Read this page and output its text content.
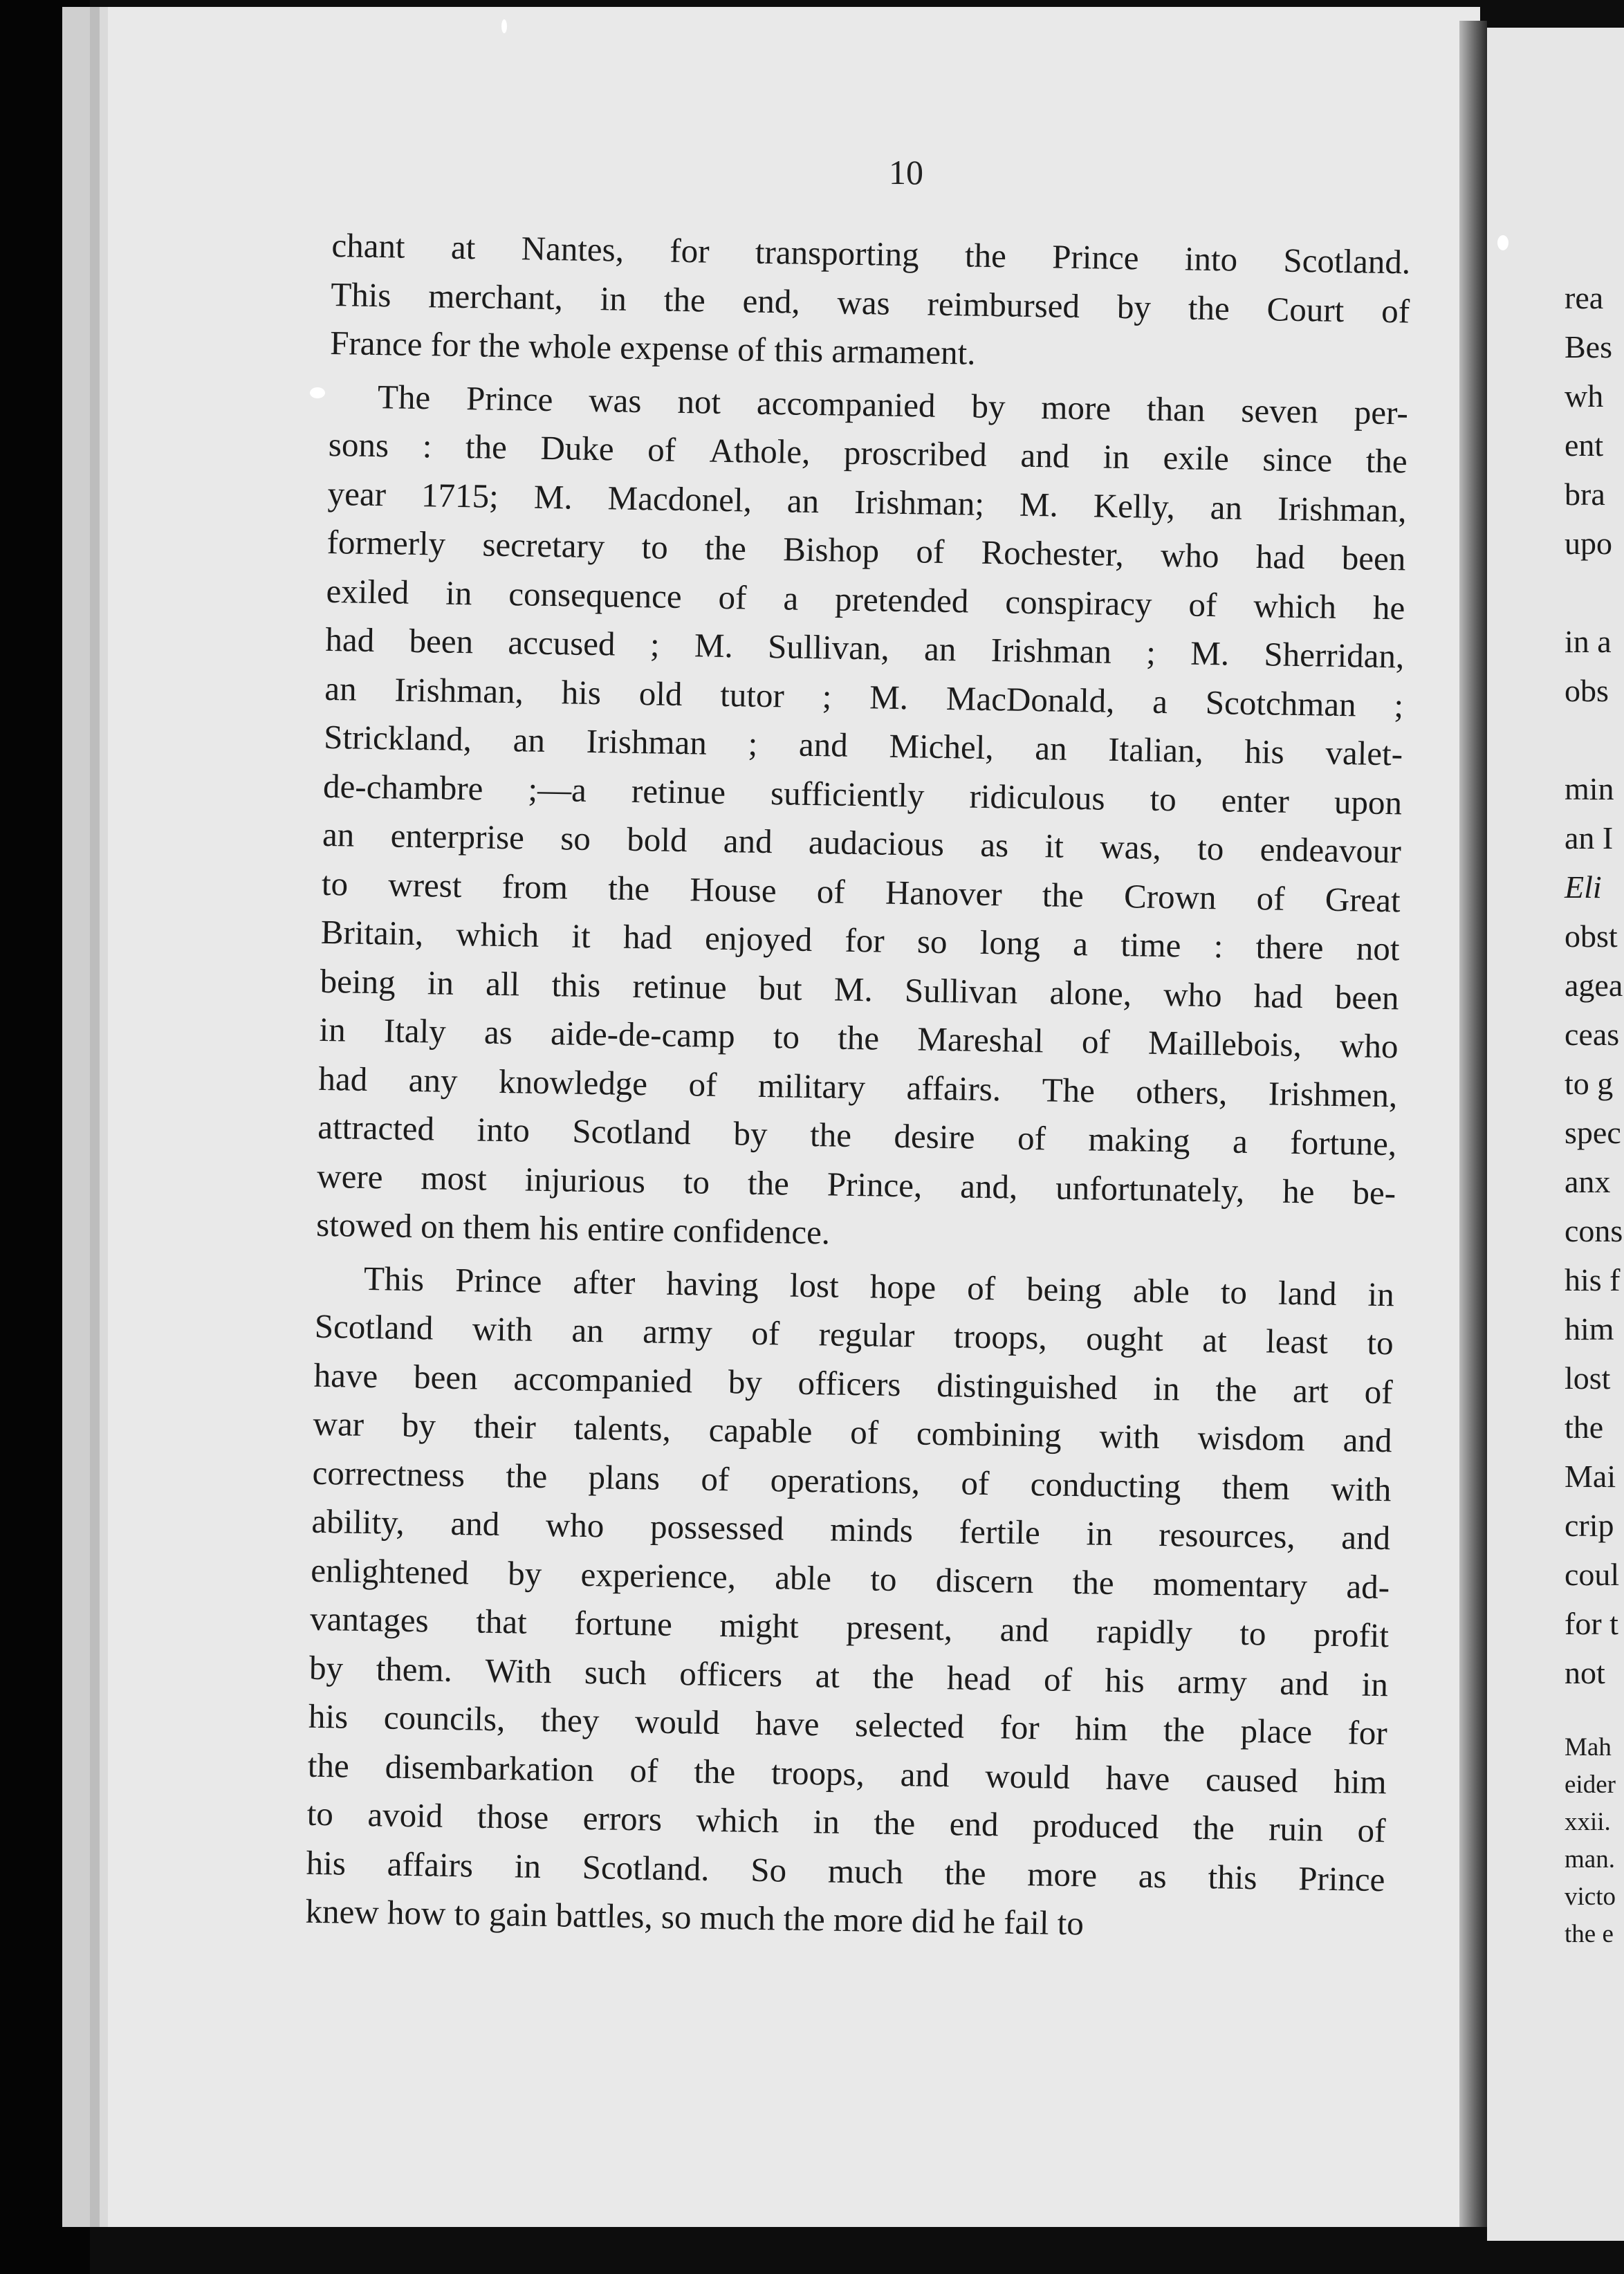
10
chant at Nantes, for transporting the Prince into Scotland.
This merchant, in the end, was reimbursed by the Court of
France for the whole expense of this armament.
The Prince was not accompanied by more than seven per-
sons : the Duke of Athole, proscribed and in exile since the
year 1715; M. Macdonel, an Irishman; M. Kelly, an Irishman,
formerly secretary to the Bishop of Rochester, who had been
exiled in consequence of a pretended conspiracy of which he
had been accused ; M. Sullivan, an Irishman ; M. Sherridan,
an Irishman, his old tutor ; M. MacDonald, a Scotchman ;
Strickland, an Irishman ; and Michel, an Italian, his valet-
de-chambre ;—a retinue sufficiently ridiculous to enter upon
an enterprise so bold and audacious as it was, to endeavour
to wrest from the House of Hanover the Crown of Great
Britain, which it had enjoyed for so long a time : there not
being in all this retinue but M. Sullivan alone, who had been
in Italy as aide-de-camp to the Mareshal of Maillebois, who
had any knowledge of military affairs. The others, Irishmen,
attracted into Scotland by the desire of making a fortune,
were most injurious to the Prince, and, unfortunately, he be-
stowed on them his entire confidence.
This Prince after having lost hope of being able to land in
Scotland with an army of regular troops, ought at least to
have been accompanied by officers distinguished in the art of
war by their talents, capable of combining with wisdom and
correctness the plans of operations, of conducting them with
ability, and who possessed minds fertile in resources, and
enlightened by experience, able to discern the momentary ad-
vantages that fortune might present, and rapidly to profit
by them. With such officers at the head of his army and in
his councils, they would have selected for him the place for
the disembarkation of the troops, and would have caused him
to avoid those errors which in the end produced the ruin of
his affairs in Scotland. So much the more as this Prince
knew how to gain battles, so much the more did he fail to
rea
Bes
wh
ent
bra
upo
in a
obs
min
an I
Eli
obst
agea
ceas
to g
spec
anx
cons
his f
him
lost
the
Mai
crip
coul
for t
not
Mah
eider
xxii.
man.
victo
the e
